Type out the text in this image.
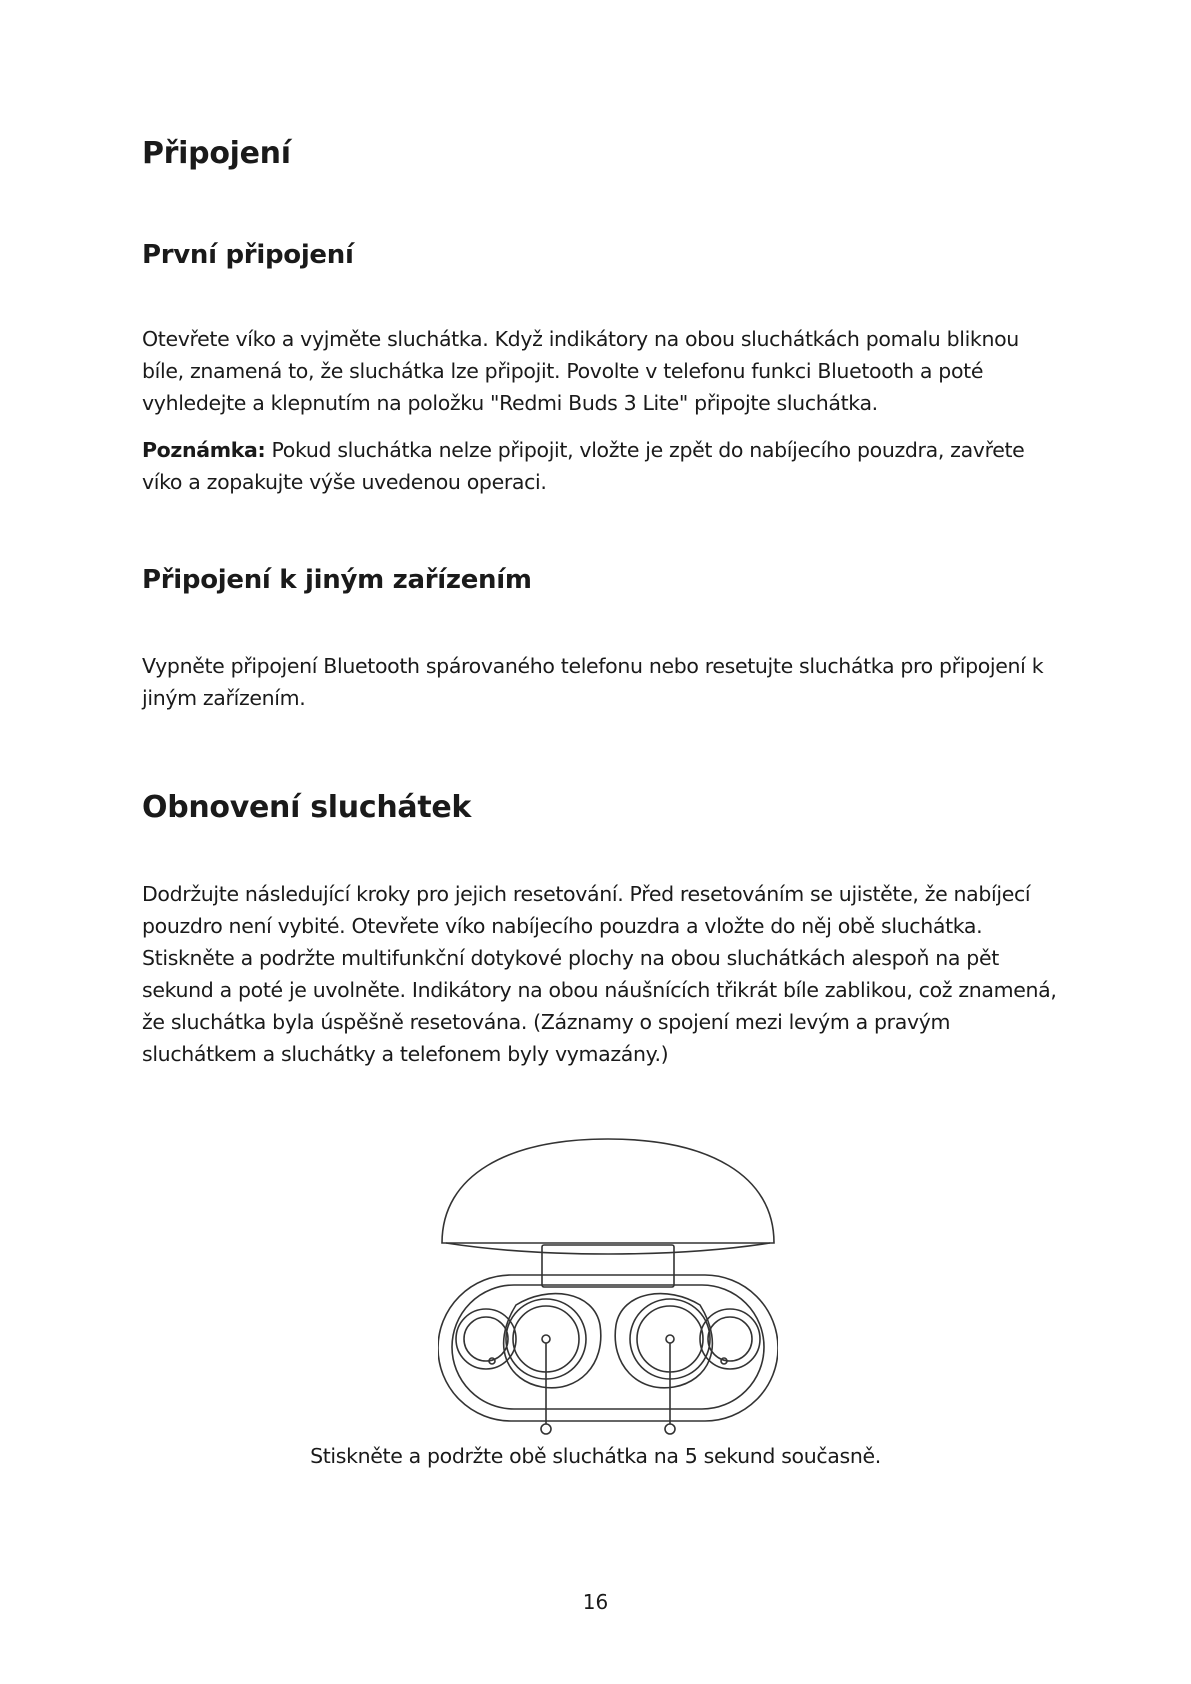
Připojení
První připojení

Otevřete víko a vyjměte sluchátka. Když indikátory na obou sluchátkách pomalu bliknou bíle, znamená to, že sluchátka lze připojit. Povolte v telefonu funkci Bluetooth a poté vyhledejte a klepnutím na položku "Redmi Buds 3 Lite" připojte sluchátka.

Poznámka: Pokud sluchátka nelze připojit, vložte je zpět do nabíjecího pouzdra, zavřete víko a zopakujte výše uvedenou operaci.

Připojení k jiným zařízením

Vypněte připojení Bluetooth spárovaného telefonu nebo resetujte sluchátka pro připojení k jiným zařízením.

Obnovení sluchátek

Dodržujte následující kroky pro jejich resetování. Před resetováním se ujistěte, že nabíjecí pouzdro není vybité. Otevřete víko nabíjecího pouzdra a vložte do něj obě sluchátka. Stiskněte a podržte multifunkční dotykové plochy na obou sluchátkách alespoň na pět sekund a poté je uvolněte. Indikátory na obou náušnících třikrát bíle zablikou, což znamená, že sluchátka byla úspěšně resetována. (Záznamy o spojení mezi levým a pravým sluchátkem a sluchátky a telefonem byly vymazány.)

Stiskněte a podržte obě sluchátka na 5 sekund současně.

16
